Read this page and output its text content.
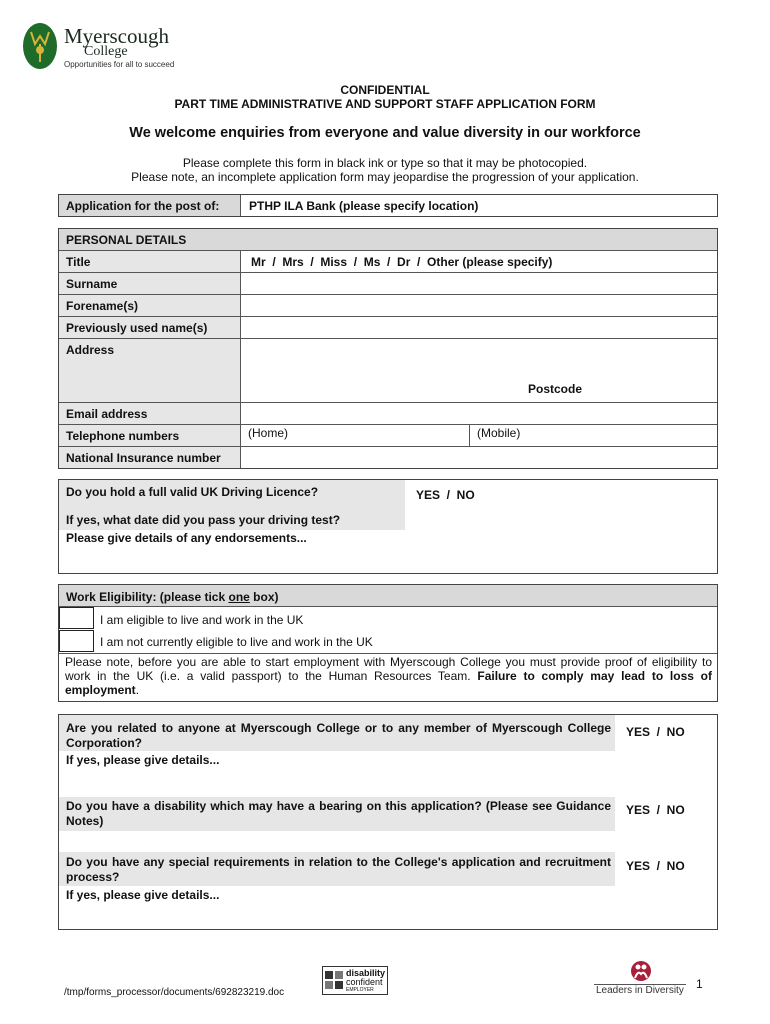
Myerscough
College
Opportunities for all to succeed
CONFIDENTIAL
PART TIME ADMINISTRATIVE AND SUPPORT STAFF APPLICATION FORM
We welcome enquiries from everyone and value diversity in our workforce
Please complete this form in black ink or type so that it may be photocopied.
Please note, an incomplete application form may jeopardise the progression of your application.
Application for the post of: PTHP ILA Bank (please specify location)
PERSONAL DETAILS
Title	Mr  /  Mrs  /  Miss  /  Ms  /  Dr  /  Other (please specify)
Surname
Forename(s)
Previously used name(s)
Address
Postcode
Email address
Telephone numbers	(Home)	(Mobile)
National Insurance number
Do you hold a full valid UK Driving Licence?	YES  /  NO
If yes, what date did you pass your driving test?
Please give details of any endorsements...
Work Eligibility: (please tick one box)
I am eligible to live and work in the UK
I am not currently eligible to live and work in the UK
Please note, before you are able to start employment with Myerscough College you must provide proof of eligibility to work in the UK (i.e. a valid passport) to the Human Resources Team. Failure to comply may lead to loss of employment.
Are you related to anyone at Myerscough College or to any member of Myerscough College Corporation?
YES  /  NO
If yes, please give details...
Do you have a disability which may have a bearing on this application? (Please see Guidance Notes)
YES  /  NO
Do you have any special requirements in relation to the College's application and recruitment process?
YES  /  NO
If yes, please give details...
/tmp/forms_processor/documents/692823219.doc
disability
confident
EMPLOYER	Leaders in Diversity 1
